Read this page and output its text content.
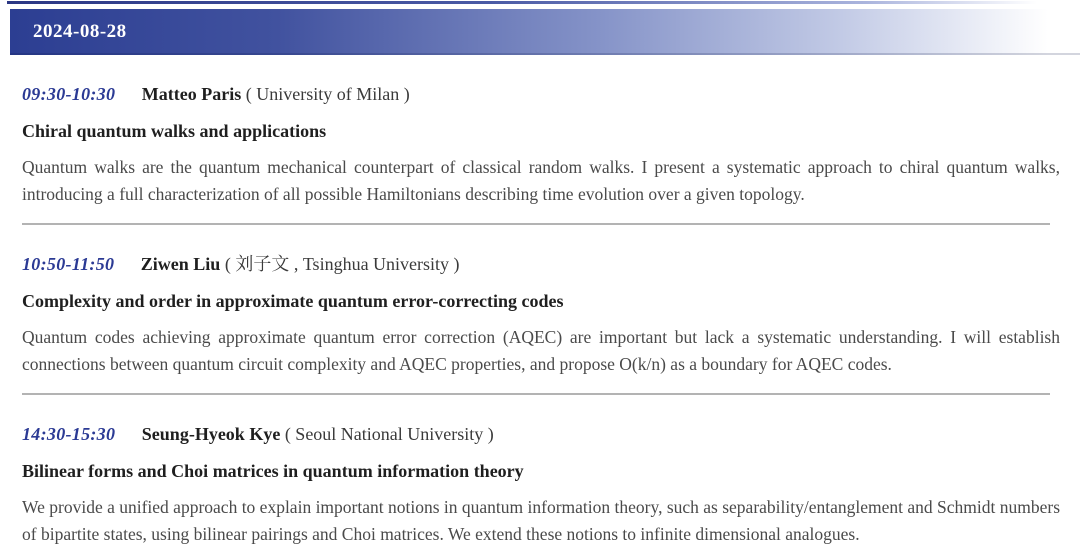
2024-08-28
09:30-10:30 Matteo Paris ( University of Milan )
Chiral quantum walks and applications
Quantum walks are the quantum mechanical counterpart of classical random walks. I present a systematic approach to chiral quantum walks, introducing a full characterization of all possible Hamiltonians describing time evolution over a given topology.
10:50-11:50 Ziwen Liu ( 刘子文 , Tsinghua University )
Complexity and order in approximate quantum error-correcting codes
Quantum codes achieving approximate quantum error correction (AQEC) are important but lack a systematic understanding. I will establish connections between quantum circuit complexity and AQEC properties, and propose O(k/n) as a boundary for AQEC codes.
14:30-15:30 Seung-Hyeok Kye ( Seoul National University )
Bilinear forms and Choi matrices in quantum information theory
We provide a unified approach to explain important notions in quantum information theory, such as separability/entanglement and Schmidt numbers of bipartite states, using bilinear pairings and Choi matrices. We extend these notions to infinite dimensional analogues.
